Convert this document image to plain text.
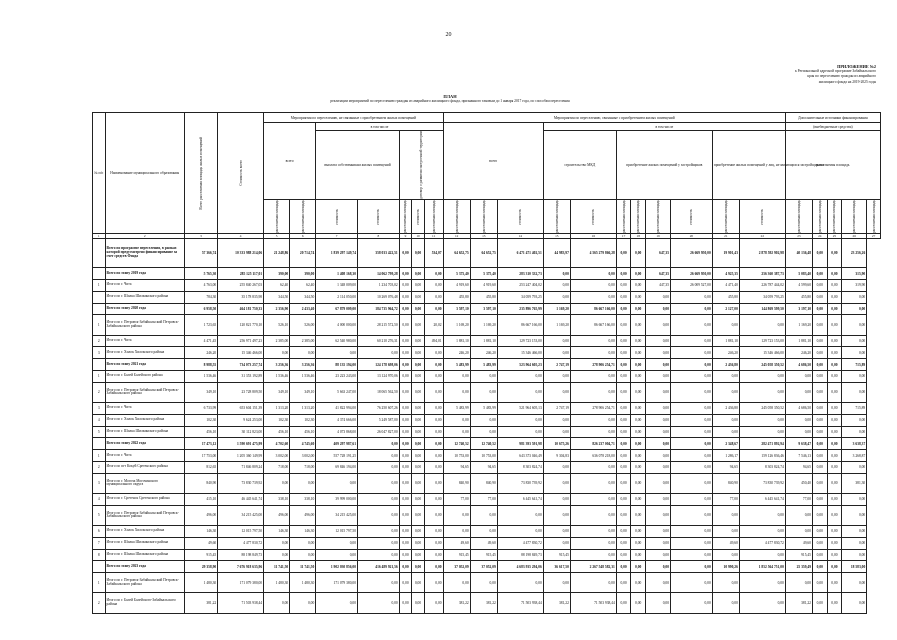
20
ПРИЛОЖЕНИЕ №2
к Региональной адресной программе Забайкальского
края по переселению граждан из аварийного
жилищного фонда на 2019-2025 годы
ПЛАН
реализации мероприятий по переселению граждан из аварийного жилищного фонда, признанного таковым до 1 января 2017 года, по способам переселения
№ п/п	Наименование муниципального образования	Всего расселяемая площадь жилых помещений	Стоимость всего	Мероприятия по переселению, не связанные с приобретением жилых помещений							Мероприятия по переселению, связанные с приобретением жилых помещений											Дополнительные источники финансирования				
				всего		в том числе					всего			в том числе								(внебюджетные средства)				
						выплата собственникам жилых помещений		договор о развитии застроенной территории						строительство МКД		приобретение жилых помещений у застройщиков				приобретение жилых помещений у лиц, не являющихся застройщиками		расселяемая площадь				

				расселяемая площадь	расселяемая площадь	стоимость	стоимость	расселяемая площадь	стоимость	расселяемая площадь	расселяемая площадь	расселяемая площадь	стоимость	расселяемая площадь	стоимость	расселяемая площадь	расселяемая площадь	расселяемая площадь	стоимость	расселяемая площадь	стоимость	расселяемая площадь	расселяемая площадь	расселяемая площадь	расселяемая площадь	расселяемая площадь

1	2	3	4	5	6	7	8	9	10	11	12	13	14	15	16	17	18	19	20	21	22	23	24	25	26	27
	Всего по программе переселения, в рамках которой предусмотрено финансирование за счет средств Фонда	57 366,74	10 333 988 214,06	21 248,86	20 714,74	1 839 297 149,74	358 033 422,51	0,00	0,00	534,07	64 652,75	64 652,75	6 471 471 402,51	44 983,97	4 565 279 866,28	0,00	0,00	647,35	26 669 950,00	19 901,43	2 878 592 902,98	40 136,48	0,00	0,00	23 256,26	
	Всего по этапу 2019 года	5 765,30	285 125 117,01	390,00	390,00	1 408 168,30	14 062 799,28	0,00	0,00	0,00	5 375,40	5 375,40	283 310 332,73	0,00	0,00	0,00	0,00	647,35	26 669 950,00	4 925,35	256 360 387,73	5 083,40	0,00	0,00	315,90	
1	Итого по г. Чита	4 763,00	255 840 267,03	62,40	62,40	1 348 009,00	1 234 703,02	0,00	0,00	0,00	4 919,60	4 919,60	253 247 404,02	0,00	0,00	0,00	0,00	447,35	26 009 527,00	4 471,40	226 787 444,02	4 599,60	0,00	0,00	319,90	
	Итого по г. Шилка Шилкинского района	784,30	35 178 835,98	344,50	344,50	2 114 050,00	10 269 076,48	0,00	0,00	0,00	455,80	455,80	34 059 793,25	0,00	0,00	0,00	0,00	0,00	0,00	455,80	34 059 793,25	455,80	0,00	0,00	0,00	
	Всего по этапу 2020 года	6 958,50	464 181 750,33	2 356,90	2 433,40	67 879 009,00	184 735 964,72	0,00	0,00	0,00	3 597,10	3 597,10	235 896 765,99	1 169,20	86 667 166,00	0,00	0,00	0,00	0,00	2 127,00	144 869 599,50	3 197,10	0,00	0,00	0,00	
1	Итого по г. Петровск-Забайкальский Петровск-Забайкальского района	1 723,65	120 821 770,10	526,10	526,00	4 000 000,00	28 215 572,50	0,00	0,00	20,02	1 169,20	1 169,20	86 667 166,00	1 169,20	86 667 166,00	0,00	0,00	0,00	0,00	0,00	0,00	1 169,20	0,00	0,00	0,00	
2	Итого по г. Чита	4 471,45	256 971 497,23	2 385,00	2 385,00	62 540 980,00	60 210 276,31	0,00	0,00	494,01	1 881,10	1 881,10	129 723 153,00	0,00	0,00	0,00	0,00	0,00	0,00	1 881,10	129 723 153,00	1 881,10	0,00	0,00	0,00	
3	Итого по г. Хилок Хилокского района	246,20	15 346 466,00	0,00	0,00	0,00	0,00	0,00	0,00	0,00	246,20	246,20	15 346 466,00	0,00	0,00	0,00	0,00	0,00	0,00	246,20	15 346 466,00	246,20	0,00	0,00	0,00	
	Всего по этапу 2021 года	8 988,55	734 073 257,74	3 256,36	3 256,36	88 135 194,00	124 178 698,06	0,00	0,00	0,00	5 483,99	5 483,99	523 964 605,23	2 747,19	278 906 254,71	0,00	0,00	0,00	0,00	2 436,80	245 058 350,52	4 686,50	0,00	0,00	715,89	
1	Итого по г. Балей Балейского района	1 536,46	31 353 192,89	1 536,46	1 536,46	23 223 243,00	13 124 970,06	0,00	0,00	0,00	0,00	0,00	0,00	0,00	0,00	0,00	0,00	0,00	0,00	0,00	0,00	0,00	0,00	0,00	0,00	
2	Итого по г. Петровск-Забайкальский Петровск-Забайкальского района	349,10	23 728 809,50	349,10	349,10	5 663 247,00	18 065 562,50	0,00	0,00	0,00	0,00	0,00	0,00	0,00	0,00	0,00	0,00	0,00	0,00	0,00	0,00	0,00	0,00	0,00	0,00	
3	Итого по г. Чита	6 733,99	653 604 151,39	1 313,20	1 313,20	41 822 994,00	76 250 607,26	0,00	0,00	0,00	5 483,99	5 483,99	521 964 605,13	2 747,19	278 906 254,71	0,00	0,00	0,00	0,00	2 436,80	245 058 350,52	4 686,50	0,00	0,00	715,89	
4	Итого по г. Хилок Хилокского района	102,30	9 624 253,00	102,30	102,30	4 374 666,00	5 249 587,00	0,00	0,00	0,00	0,00	0,00	0,00	0,00	0,00	0,00	0,00	0,00	0,00	0,00	0,00	0,00	0,00	0,00	0,00	
5	Итого по г. Шилка Шилкинского района	456,10	30 112 823,00	456,10	456,10	4 073 868,00	26 047 827,00	0,00	0,00	0,00	0,00	0,00	0,00	0,00	0,00	0,00	0,00	0,00	0,00	0,00	0,00	0,00	0,00	0,00	0,00	
	Всего по этапу 2022 года	17 473,12	1 590 691 475,99	4 702,60	4 745,60	409 297 987,61	0,00	0,00	0,00	0,00	12 740,52	12 740,52	981 393 591,98	10 675,26	826 237 004,71	0,00	0,00	0,00	0,00	2 348,67	282 471 892,94	9 638,47	0,00	0,00	3 638,37	
1	Итого по г. Чита	17 753,00	1 205 360 149,99	3 002,00	3 002,00	557 728 191,25	0,00	0,00	0,00	0,00	10 753,00	10 753,00	643 373 046,49	9 304,83	636 078 218,00	0,00	0,00	0,00	0,00	1 286,17	159 126 836,46	7 546,13	0,00	0,00	3 268,87	
2	Итого по пгт Кокуй Сретенского района	812,65	71 846 809,24	718,00	718,00	69 846 194,00	0,00	0,00	0,00	0,00	94,65	94,65	8 303 824,74	0,00	0,00	0,00	0,00	0,00	0,00	94,65	8 303 824,74	94,65	0,00	0,00	0,00	
3	Итого по г. Могоча Могочинского муниципального округа	840,90	73 830 739,92	0,00	0,00	0,00	0,00	0,00	0,00	0,00	840,90	840,90	73 830 739,92	0,00	0,00	0,00	0,00	0,00	0,00	840,90	73 830 739,92	450,40	0,00	0,00	381,30	
4	Итого по г. Сретенск Сретенского района	415,10	46 445 641,74	338,10	338,10	39 999 000,00	0,00	0,00	0,00	0,00	77,00	77,00	6 445 641,74	0,00	0,00	0,00	0,00	0,00	0,00	77,00	6 445 641,74	77,00	0,00	0,00	0,00	
5	Итого по г. Петровск-Забайкальский Петровск-Забайкальского района	496,00	34 215 425,00	496,00	496,00	34 215 425,00	0,00	0,00	0,00	0,00	0,00	0,00	0,00	0,00	0,00	0,00	0,00	0,00	0,00	0,00	0,00	0,00	0,00	0,00	0,00	
6	Итого по г. Хилок Хилокского района	146,30	12 015 797,50	146,30	146,30	12 015 797,50	0,00	0,00	0,00	0,00	0,00	0,00	0,00	0,00	0,00	0,00	0,00	0,00	0,00	0,00	0,00	0,00	0,00	0,00	0,00	
7	Итого по г. Шилка Шилкинского района	49,60	4 477 830,72	0,00	0,00	0,00	0,00	0,00	0,00	0,00	49,60	49,60	4 477 830,72	0,00	0,00	0,00	0,00	0,00	0,00	49,60	4 477 830,72	49,60	0,00	0,00	0,00	
8	Итого по г. Шилка Шилкинского района	915,45	88 198 849,73	0,00	0,00	0,00	0,00	0,00	0,00	0,00	915,45	915,45	88 198 849,73	915,45	0,00	0,00	0,00	0,00	0,00	0,00	0,00	915,45	0,00	0,00	0,00	
	Всего по этапу 2023 года	29 358,90	7 676 918 635,96	11 741,50	11 741,50	1 902 030 856,00	416 489 921,56	0,00	0,00	0,00	37 052,09	37 052,09	4 683 935 294,06	36 617,50	2 267 548 582,31	0,00	0,00	0,00	0,00	10 990,26	1 852 564 751,00	25 359,49	0,00	0,00	18 583,00	
1	Итого по г. Петровск-Забайкальский Петровск-Забайкальского района	1 480,30	171 079 380,00	1 480,30	1 480,30	171 079 380,00	0,00	0,00	0,00	0,00	0,00	0,00	0,00	0,00	0,00	0,00	0,00	0,00	0,00	0,00	0,00	0,00	0,00	0,00	0,00	
2	Итого по г. Балей Балейского-Забайкальского района	381,22	71 503 938,44	0,00	0,00	0,00	0,00	0,00	0,00	0,00	381,22	381,22	71 503 938,44	381,22	71 503 938,44	0,00	0,00	0,00	0,00	0,00	0,00	381,22	0,00	0,00	0,00	
